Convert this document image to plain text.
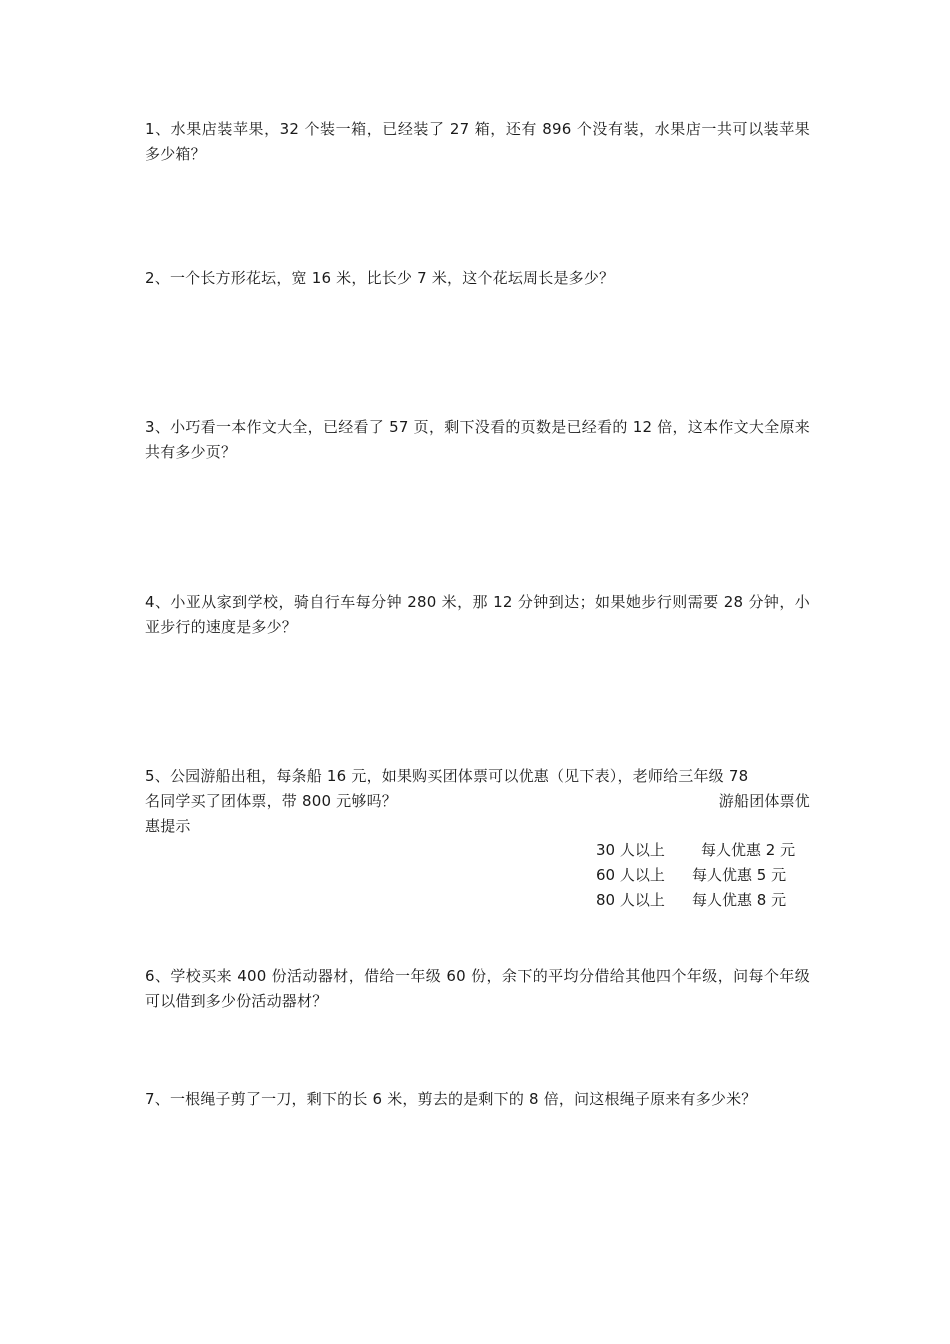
1、水果店装苹果，32 个装一箱，已经装了 27 箱，还有 896 个没有装，水果店一共可以装苹果多少箱？

2、一个长方形花坛，宽 16 米，比长少 7 米，这个花坛周长是多少？

3、小巧看一本作文大全，已经看了 57 页，剩下没看的页数是已经看的 12 倍，这本作文大全原来共有多少页？

4、小亚从家到学校，骑自行车每分钟 280 米，那 12 分钟到达；如果她步行则需要 28 分钟，小亚步行的速度是多少？

5、公园游船出租，每条船 16 元，如果购买团体票可以优惠（见下表），老师给三年级 78
名同学买了团体票，带 800 元够吗？	游船团体票优
惠提示
30 人以上	每人优惠 2 元
60 人以上	每人优惠 5 元
80 人以上	每人优惠 8 元

6、学校买来 400 份活动器材，借给一年级 60 份，余下的平均分借给其他四个年级，问每个年级可以借到多少份活动器材？

7、一根绳子剪了一刀，剩下的长 6 米，剪去的是剩下的 8 倍，问这根绳子原来有多少米？
